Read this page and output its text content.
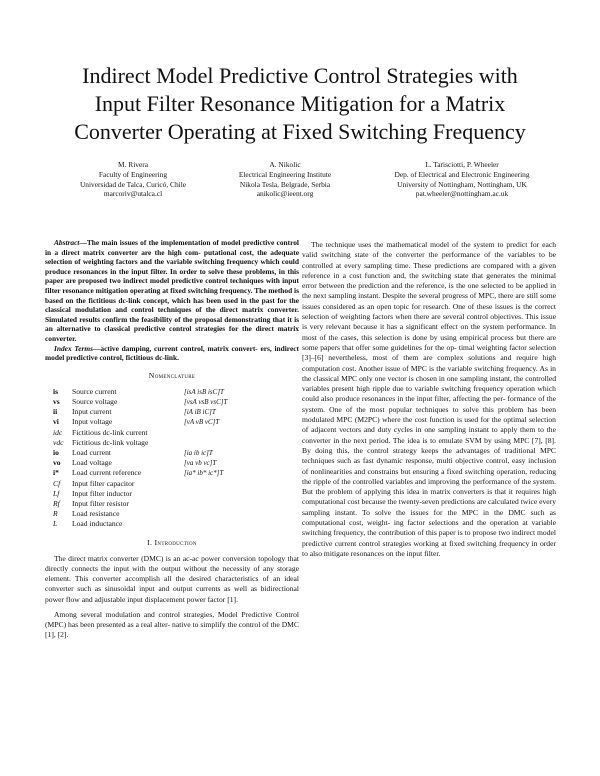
Indirect Model Predictive Control Strategies with
Input Filter Resonance Mitigation for a Matrix
Converter Operating at Fixed Switching Frequency
M. Rivera
Faculty of Engineering
Universidad de Talca, Curicó, Chile
marcoriv@utalca.cl
A. Nikolic
Electrical Engineering Institute
Nikola Tesla, Belgrade, Serbia
anikolic@ieent.org
L. Tarisciotti, P. Wheeler
Dep. of Electrical and Electronic Engineering
University of Nottingham, Nottingham, UK
pat.wheeler@nottingham.ac.uk

Abstract—The main issues of the implementation of model predictive control in a direct matrix converter are the high com- putational cost, the adequate selection of weighting factors and the variable switching frequency which could produce resonances in the input filter. In order to solve these problems, in this paper are proposed two indirect model predictive control techniques with input filter resonance mitigation operating at fixed switching frequency. The method is based on the fictitious dc-link concept, which has been used in the past for the classical modulation and control techniques of the direct matrix converter. Simulated results confirm the feasibility of the proposal demonstrating that it is an alternative to classical predictive control strategies for the direct matrix converter.

Index Terms—active damping, current control, matrix convert- ers, indirect model predictive control, fictitious dc-link.

Nomenclature
is	Source current	[isA isB isC]T
vs	Source voltage	[vsA vsB vsC]T
ii	Input current	[iA iB iC]T
vi	Input voltage	[vA vB vC]T
idc	Fictitious dc-link current
vdc	Fictitious dc-link voltage
io	Load current	[ia ib ic]T
vo	Load voltage	[va vb vc]T
i*	Load current reference	[ia* ib* ic*]T
Cf	Input filter capacitor
Lf	Input filter inductor
Rf	Input filter resistor
R	Load resistance
L	Load inductance
I. Introduction

The direct matrix converter (DMC) is an ac-ac power conversion topology that directly connects the input with the output without the necessity of any storage element. This converter accomplish all the desired characteristics of an ideal converter such as sinusoidal input and output currents as well as bidirectional power flow and adjustable input displacement power factor [1].

Among several modulation and control strategies, Model Predictive Control (MPC) has been presented as a real alter- native to simplify the control of the DMC [1], [2].

The technique uses the mathematical model of the system to predict for each valid switching state of the converter the performance of the variables to be controlled at every sampling time. These predictions are compared with a given reference in a cost function and, the switching state that generates the minimal error between the prediction and the reference, is the one selected to be applied in the next sampling instant. Despite the several progress of MPC, there are still some issues considered as an open topic for research. One of these issues is the correct selection of weighting factors when there are several control objectives. This issue is very relevant because it has a significant effect on the system performance. In most of the cases, this selection is done by using empirical process but there are some papers that offer some guidelines for the op- timal weighting factor selection [3]–[6] nevertheless, most of them are complex solutions and require high computation cost. Another issue of MPC is the variable switching frequency. As in the classical MPC only one vector is chosen in one sampling instant, the controlled variables present high ripple due to variable switching frequency operation which could also produce resonances in the input filter, affecting the per- formance of the system. One of the most popular techniques to solve this problem has been modulated MPC (M2PC) where the cost function is used for the optimal selection of adjacent vectors and duty cycles in one sampling instant to apply them to the converter in the next period. The idea is to emulate SVM by using MPC [7], [8]. By doing this, the control strategy keeps the advantages of traditional MPC techniques such as fast dynamic response, multi objective control, easy inclusion of nonlinearities and constrains but ensuring a fixed switching operation, reducing the ripple of the controlled variables and improving the performance of the system. But the problem of applying this idea in matrix converters is that it requires high computational cost because the twenty-seven predictions are calculated twice every sampling instant. To solve the issues for the MPC in the DMC such as computational cost, weight- ing factor selections and the operation at variable switching frequency, the contribution of this paper is to propose two indirect model predictive current control strategies working at fixed switching frequency in order to also mitigate resonances on the input filter.
